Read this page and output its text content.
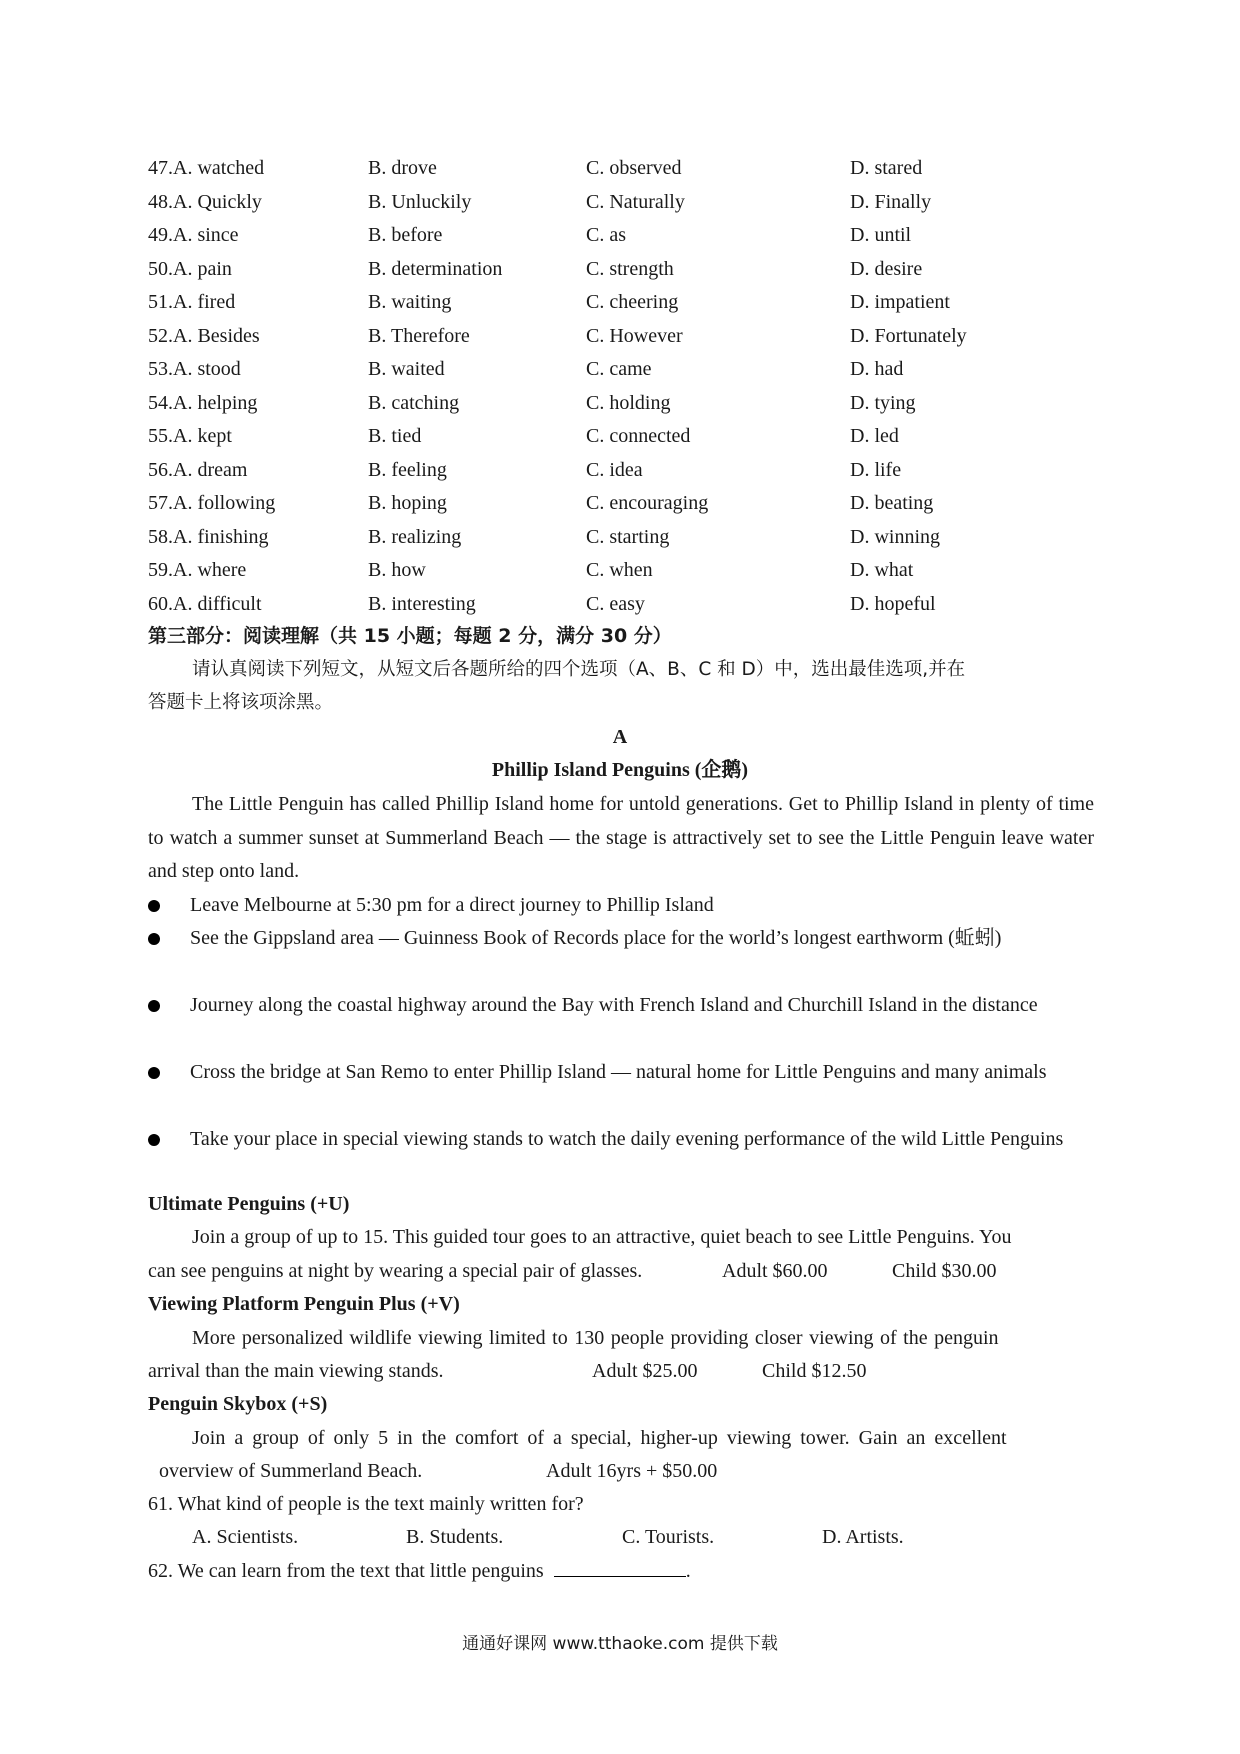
47.A. watched	B. drove	C. observed	D. stared
48.A. Quickly	B. Unluckily	C. Naturally	D. Finally
49.A. since	B. before	C. as	D. until
50.A. pain	B. determination	C. strength	D. desire
51.A. fired	B. waiting	C. cheering	D. impatient
52.A. Besides	B. Therefore	C. However	D. Fortunately
53.A. stood	B. waited	C. came	D. had
54.A. helping	B. catching	C. holding	D. tying
55.A. kept	B. tied	C. connected	D. led
56.A. dream	B. feeling	C. idea	D. life
57.A. following	B. hoping	C. encouraging	D. beating
58.A. finishing	B. realizing	C. starting	D. winning
59.A. where	B. how	C. when	D. what
60.A. difficult	B. interesting	C. easy	D. hopeful
第三部分：阅读理解（共 15 小题；每题 2 分，满分 30 分）
请认真阅读下列短文，从短文后各题所给的四个选项（A、B、C 和 D）中，选出最佳选项,并在
答题卡上将该项涂黑。
A
Phillip Island Penguins (企鹅)
The Little Penguin has called Phillip Island home for untold generations. Get to Phillip Island in plenty of time to watch a summer sunset at Summerland Beach — the stage is attractively set to see the Little Penguin leave water and step onto land.
Leave Melbourne at 5:30 pm for a direct journey to Phillip Island
See the Gippsland area — Guinness Book of Records place for the world’s longest earthworm (蚯蚓)
Journey along the coastal highway around the Bay with French Island and Churchill Island in the distance
Cross the bridge at San Remo to enter Phillip Island — natural home for Little Penguins and many animals
Take your place in special viewing stands to watch the daily evening performance of the wild Little Penguins
Ultimate Penguins (+U)
Join a group of up to 15. This guided tour goes to an attractive, quiet beach to see Little Penguins. You
can see penguins at night by wearing a special pair of glasses.	Adult $60.00	Child $30.00
Viewing Platform Penguin Plus (+V)
More personalized wildlife viewing limited to 130 people providing closer viewing of the penguin
arrival than the main viewing stands.	Adult $25.00	Child $12.50
Penguin Skybox (+S)
Join a group of only 5 in the comfort of a special, higher-up viewing tower. Gain an excellent
overview of Summerland Beach.	Adult 16yrs + $50.00
61. What kind of people is the text mainly written for?
A. Scientists.	B. Students.	C. Tourists.	D. Artists.
62. We can learn from the text that little penguins	.
通通好课网 www.tthaoke.com 提供下载
